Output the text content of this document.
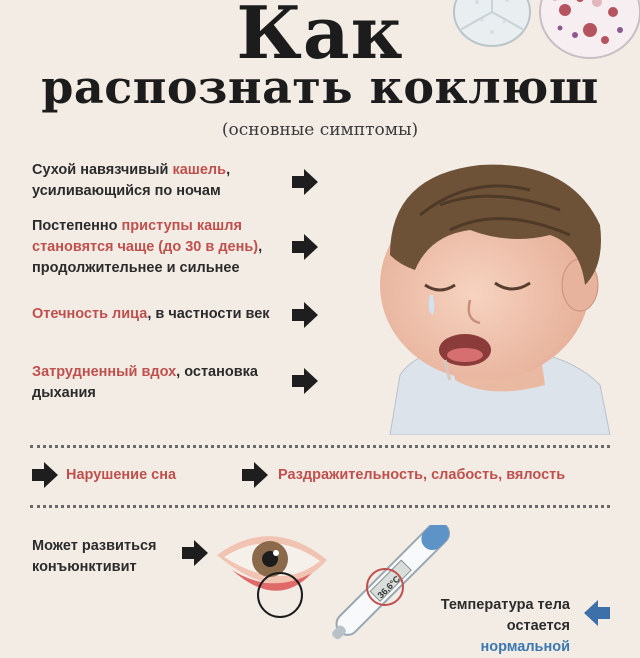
Как
распознать коклюш
(основные симптомы)
Сухой навязчивый кашель,
усиливающийся по ночам
Постепенно приступы кашля
становятся чаще (до 30 в день),
продолжительнее и сильнее
Отечность лица, в частности век
Затрудненный вдох, остановка
дыхания
Нарушение сна	Раздражительность, слабость, вялость
Может развиться
конъюнктивит
36,6°C
Температура тела
остается нормальной
